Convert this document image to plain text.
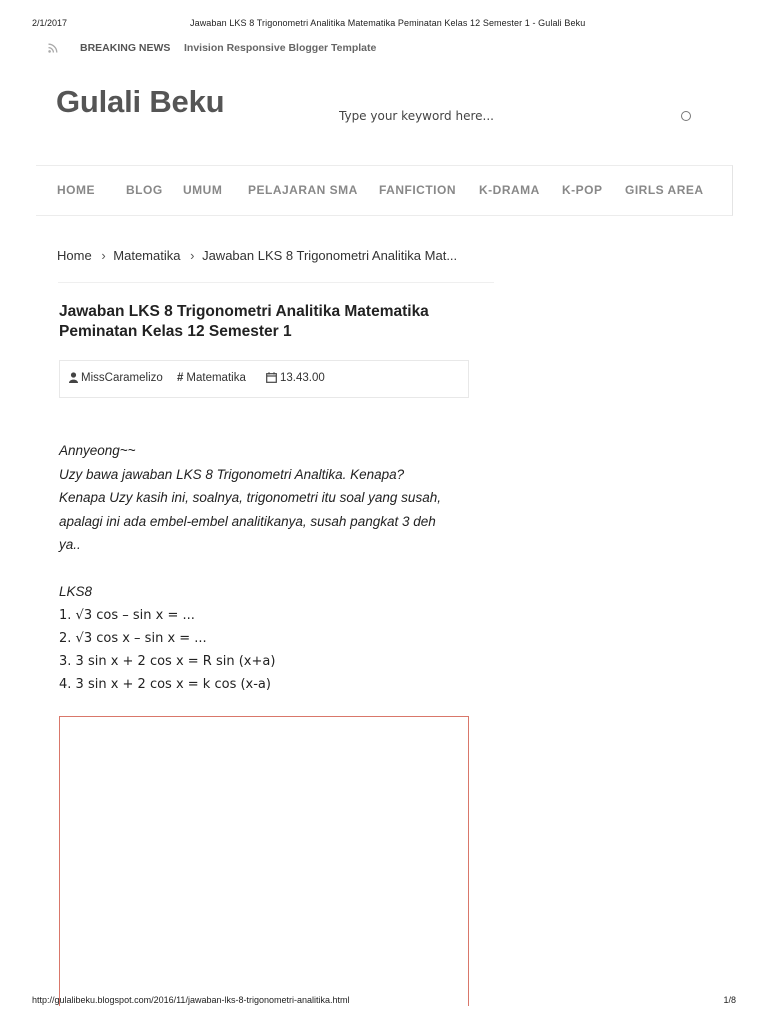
2/1/2017	Jawaban LKS 8 Trigonometri Analitika Matematika Peminatan Kelas 12 Semester 1 - Gulali Beku
BREAKING NEWS Invision Responsive Blogger Template
Gulali Beku
Type your keyword here...
HOME	BLOG UMUM PELAJARAN SMA FANFICTION K-DRAMA K-POP GIRLS AREA
Home › Matematika › Jawaban LKS 8 Trigonometri Analitika Mat...
Jawaban LKS 8 Trigonometri Analitika Matematika Peminatan Kelas 12 Semester 1
MissCaramelizo # Matematika	13.43.00
Annyeong~~
Uzy bawa jawaban LKS 8 Trigonometri Analtika. Kenapa?
Kenapa Uzy kasih ini, soalnya, trigonometri itu soal yang susah,
apalagi ini ada embel-embel analitikanya, susah pangkat 3 deh
ya..
LKS8
1. √3 cos – sin x = ...
2. √3 cos x – sin x = ...
3. 3 sin x + 2 cos x = R sin (x+a)
4. 3 sin x + 2 cos x = k cos (x-a)
http://gulalibeku.blogspot.com/2016/11/jawaban-lks-8-trigonometri-analitika.html	1/8
